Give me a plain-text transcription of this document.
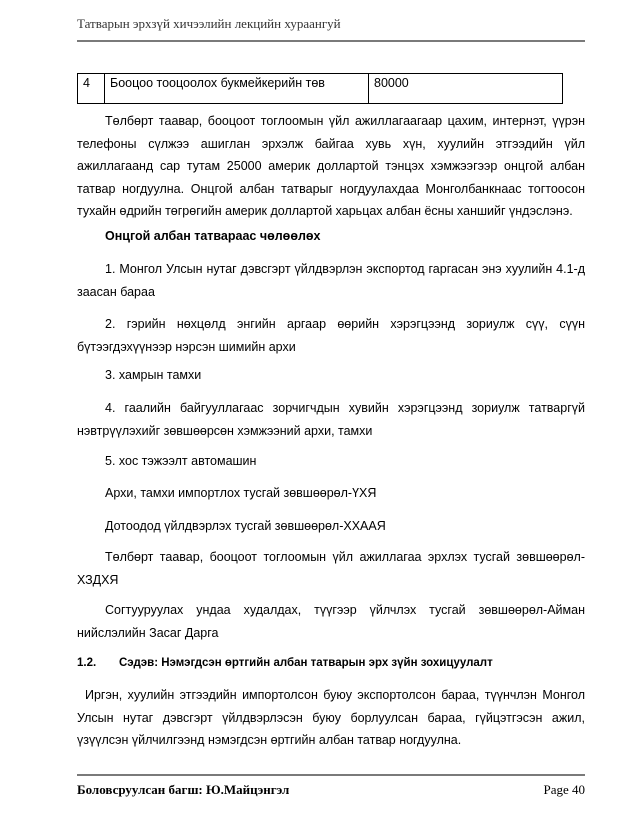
Татварын эрхзүй хичээлийн лекцийн хураангуй
4	Бооцоо тооцоолох букмейкерийн төв	80000

Төлбөрт таавар, бооцоот тоглоомын үйл ажиллагаагаар цахим, интернэт, үүрэн телефоны сүлжээ ашиглан эрхэлж байгаа хувь хүн, хуулийн этгээдийн үйл ажиллагаанд сар тутам 25000 америк доллартой тэнцэх хэмжээгээр онцгой албан татвар ногдуулна. Онцгой албан татварыг ногдуулахдаа Монголбанкнаас тогтоосон тухайн өдрийн төгрөгийн америк доллартой харьцах албан ёсны ханшийг үндэслэнэ.

Онцгой албан татвараас чөлөөлөх

1. Монгол Улсын нутаг дэвсгэрт үйлдвэрлэн экспортод гаргасан энэ хуулийн 4.1-д заасан бараа

2. гэрийн нөхцөлд энгийн аргаар өөрийн хэрэгцээнд зориулж сүү, сүүн бүтээгдэхүүнээр нэрсэн шимийн архи

3. хамрын тамхи

4. гаалийн байгууллагаас зорчигчдын хувийн хэрэгцээнд зориулж татваргүй нэвтрүүлэхийг зөвшөөрсөн хэмжээний архи, тамхи

5. хос тэжээлт автомашин

Архи, тамхи импортлох тусгай зөвшөөрөл-ҮХЯ

Дотоодод үйлдвэрлэх тусгай зөвшөөрөл-ХХААЯ

Төлбөрт таавар, бооцоот тоглоомын үйл ажиллагаа эрхлэх тусгай зөвшөөрөл-ХЗДХЯ

Согтууруулах ундаа худалдах, түүгээр үйлчлэх тусгай зөвшөөрөл-Айман нийслэлийн Засаг Дарга

1.2. Сэдэв: Нэмэгдсэн өртгийн албан татварын эрх зүйн зохицуулалт

Иргэн, хуулийн этгээдийн импортолсон буюу экспортолсон бараа, түүнчлэн Монгол Улсын нутаг дэвсгэрт үйлдвэрлэсэн буюу борлуулсан бараа, гүйцэтгэсэн ажил, үзүүлсэн үйлчилгээнд нэмэгдсэн өртгийн албан татвар ногдуулна.

Боловсруулсан багш: Ю.Майцэнгэл	Page 40
